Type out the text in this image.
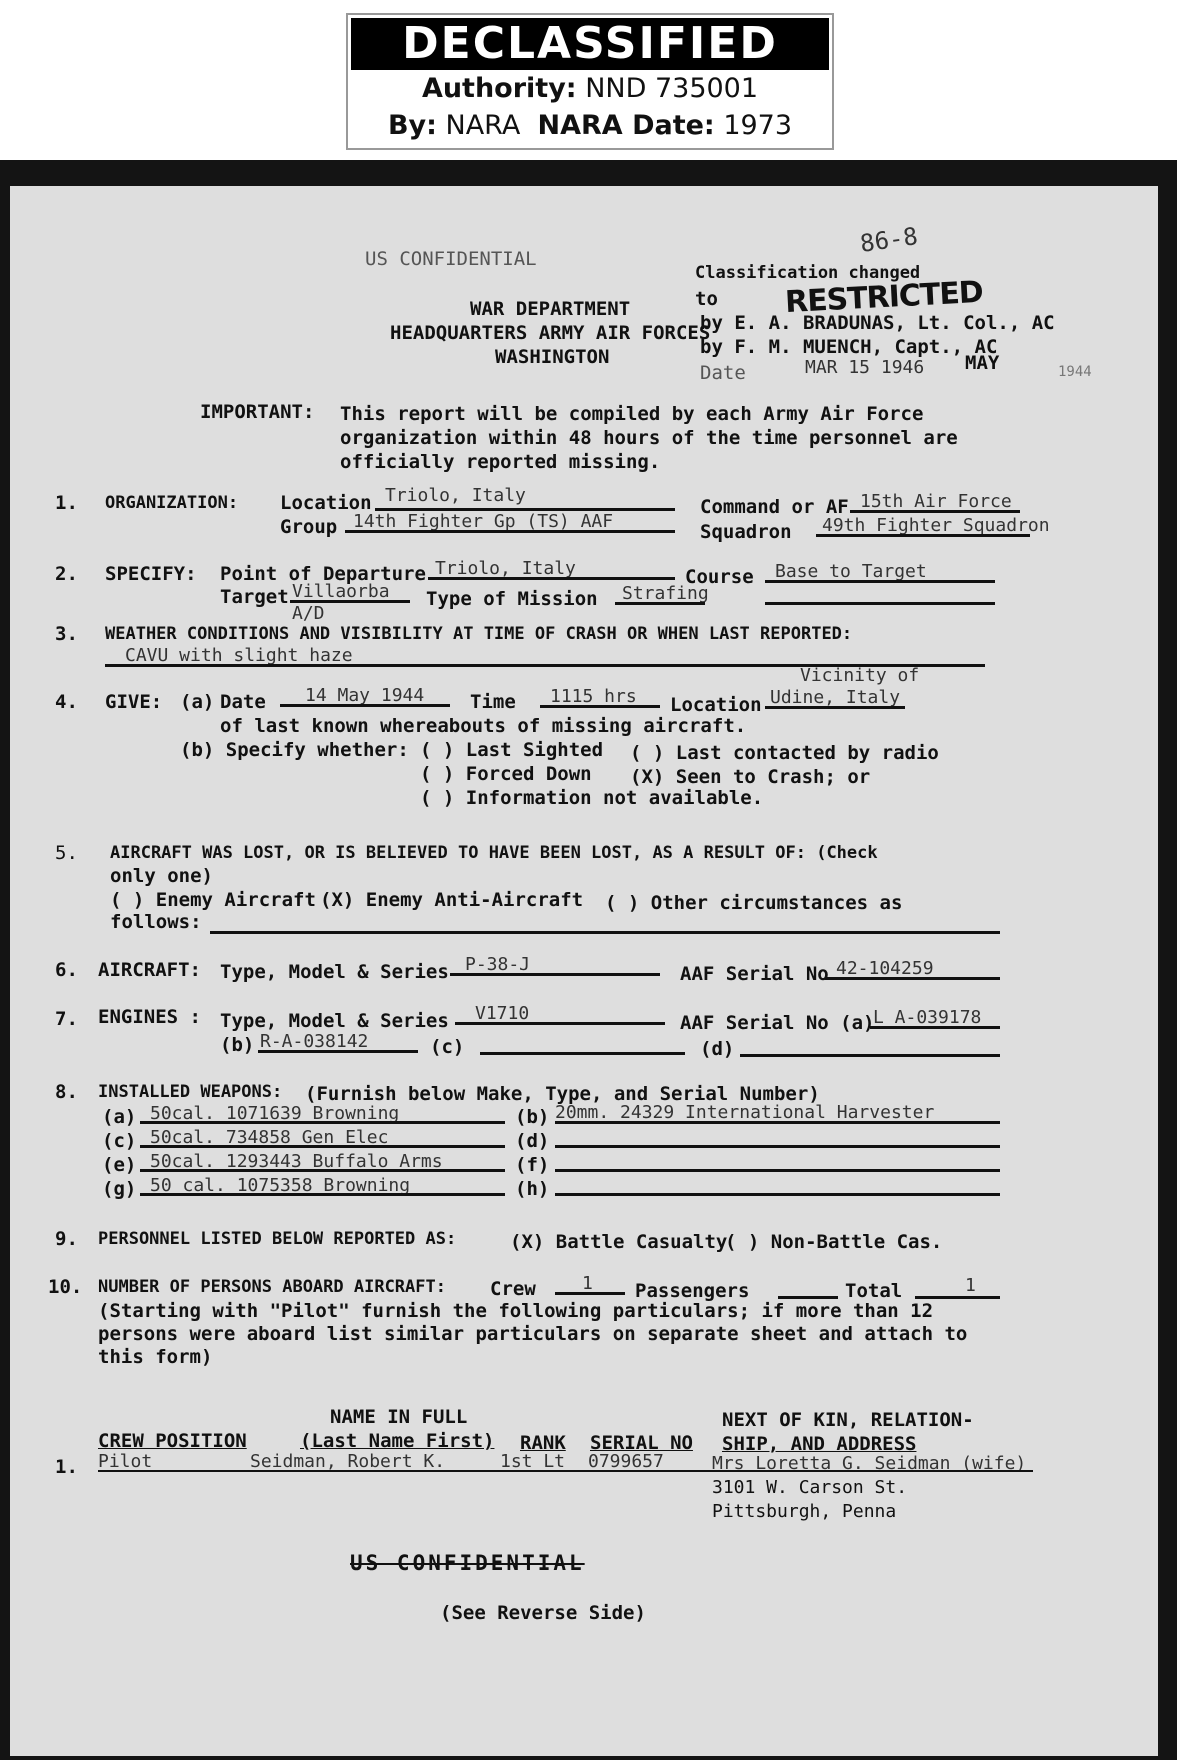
DECLASSIFIED
Authority: NND 735001
By: NARA NARA Date: 1973
US CONFIDENTIAL
86-8
WAR DEPARTMENT
HEADQUARTERS ARMY AIR FORCES
WASHINGTON
Classification changed
to RESTRICTED
by E. A. BRADUNAS, Lt. Col., AC
by F. M. MUENCH, Capt., AC
Date	MAR 15 1946 MAY	1944
IMPORTANT: This report will be compiled by each Army Air Force
organization within 48 hours of the time personnel are
officially reported missing.
1. ORGANIZATION: Location Triolo, Italy
Command or AF 15th Air Force
Group 14th Fighter Gp (TS) AAF	Squadron 49th Fighter Squadron
2. SPECIFY: Point of Departure Triolo, Italy	Course Base to Target
Target Villaorba
A/D
Type of Mission Strafing
3. WEATHER CONDITIONS AND VISIBILITY AT TIME OF CRASH OR WHEN LAST REPORTED:
CAVU with slight haze
4. GIVE: (a) Date 14 May 1944 Time 1115 hrs Location
Vicinity of
Udine, Italy
of last known whereabouts of missing aircraft.
(b) Specify whether: ( ) Last Sighted ( ) Last contacted by radio
( ) Forced Down (X) Seen to Crash; or
( ) Information not available.
5. AIRCRAFT WAS LOST, OR IS BELIEVED TO HAVE BEEN LOST, AS A RESULT OF: (Check
only one)
( ) Enemy Aircraft (X) Enemy Anti-Aircraft ( ) Other circumstances as
follows:
6. AIRCRAFT: Type, Model & Series P-38-J	AAF Serial No 42-104259
7. ENGINES : Type, Model & Series V1710	AAF Serial No (a)
L A-039178
(b) R-A-038142	(c)	(d)
8. INSTALLED WEAPONS: (Furnish below Make, Type, and Serial Number)
(a) 50cal. 1071639 Browning	(b) 20mm. 24329 International Harvester
(c) 50cal. 734858 Gen Elec	(d)
(e) 50cal. 1293443 Buffalo Arms	(f)
(g) 50 cal. 1075358 Browning	(h)
9. PERSONNEL LISTED BELOW REPORTED AS:	(X) Battle Casualty
( ) Non-Battle Cas.
10. NUMBER OF PERSONS ABOARD AIRCRAFT: Crew	1 Passengers	Total	1
(Starting with "Pilot" furnish the following particulars; if more than 12
persons were aboard list similar particulars on separate sheet and attach to
this form)
NAME IN FULL	NEXT OF KIN, RELATION-
CREW POSITION	(Last Name First) RANK SERIAL NO SHIP, AND ADDRESS
1. Pilot	Seidman, Robert K.	1st Lt 0799657	Mrs Loretta G. Seidman (wife)
3101 W. Carson St.
Pittsburgh, Penna
US CONFIDENTIAL
(See Reverse Side)
